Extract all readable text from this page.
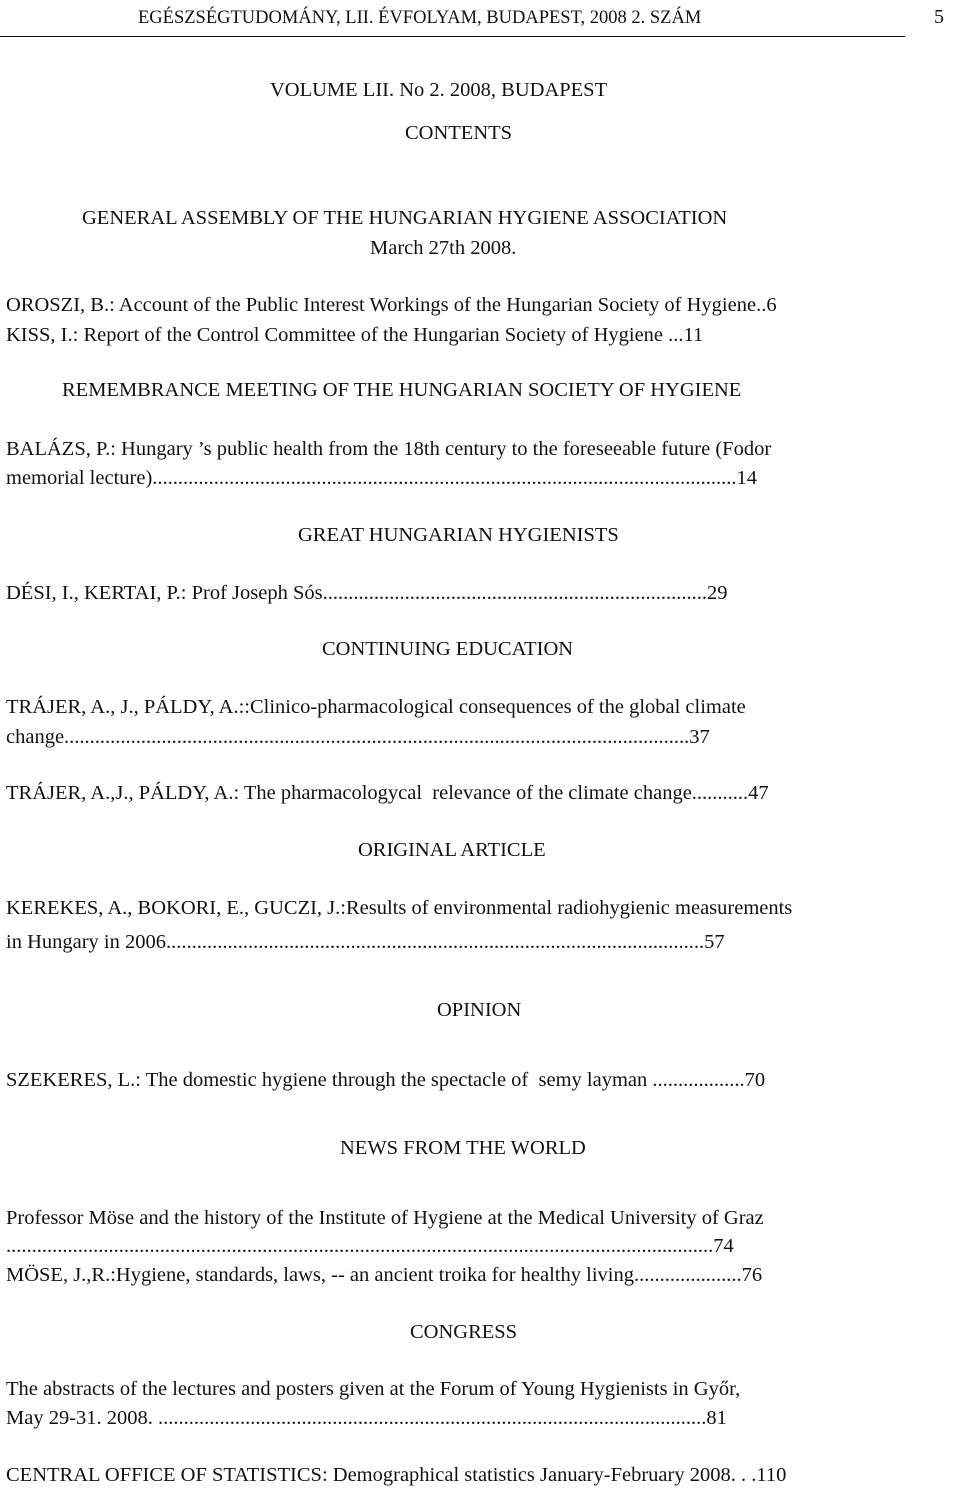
EGÉSZSÉGTUDOMÁNY, LII. ÉVFOLYAM, BUDAPEST, 2008 2. SZÁM	5
VOLUME LII. No 2. 2008, BUDAPEST
CONTENTS
GENERAL ASSEMBLY OF THE HUNGARIAN HYGIENE ASSOCIATION
March 27th 2008.
OROSZI, B.: Account of the Public Interest Workings of the Hungarian Society of Hygiene..6
KISS, I.: Report of the Control Committee of the Hungarian Society of Hygiene ...11
REMEMBRANCE MEETING OF THE HUNGARIAN SOCIETY OF HYGIENE
BALÁZS, P.: Hungary ’s public health from the 18th century to the foreseeable future (Fodor
memorial lecture)..................................................................................................................14
GREAT HUNGARIAN HYGIENISTS
DÉSI, I., KERTAI, P.: Prof Joseph Sós...........................................................................29
CONTINUING EDUCATION
TRÁJER, A., J., PÁLDY, A.::Clinico-pharmacological consequences of the global climate
change..........................................................................................................................37
TRÁJER, A.,J., PÁLDY, A.: The pharmacologycal  relevance of the climate change...........47
ORIGINAL ARTICLE
KEREKES, A., BOKORI, E., GUCZI, J.:Results of environmental radiohygienic measurements
in Hungary in 2006.........................................................................................................57
OPINION
SZEKERES, L.: The domestic hygiene through the spectacle of  semy layman ..................70
NEWS FROM THE WORLD
Professor Möse and the history of the Institute of Hygiene at the Medical University of Graz
..........................................................................................................................................74
MÖSE, J.,R.:Hygiene, standards, laws, -- an ancient troika for healthy living.....................76
CONGRESS
The abstracts of the lectures and posters given at the Forum of Young Hygienists in Győr,
May 29-31. 2008. ...........................................................................................................81
CENTRAL OFFICE OF STATISTICS: Demographical statistics January-February 2008. . .110
